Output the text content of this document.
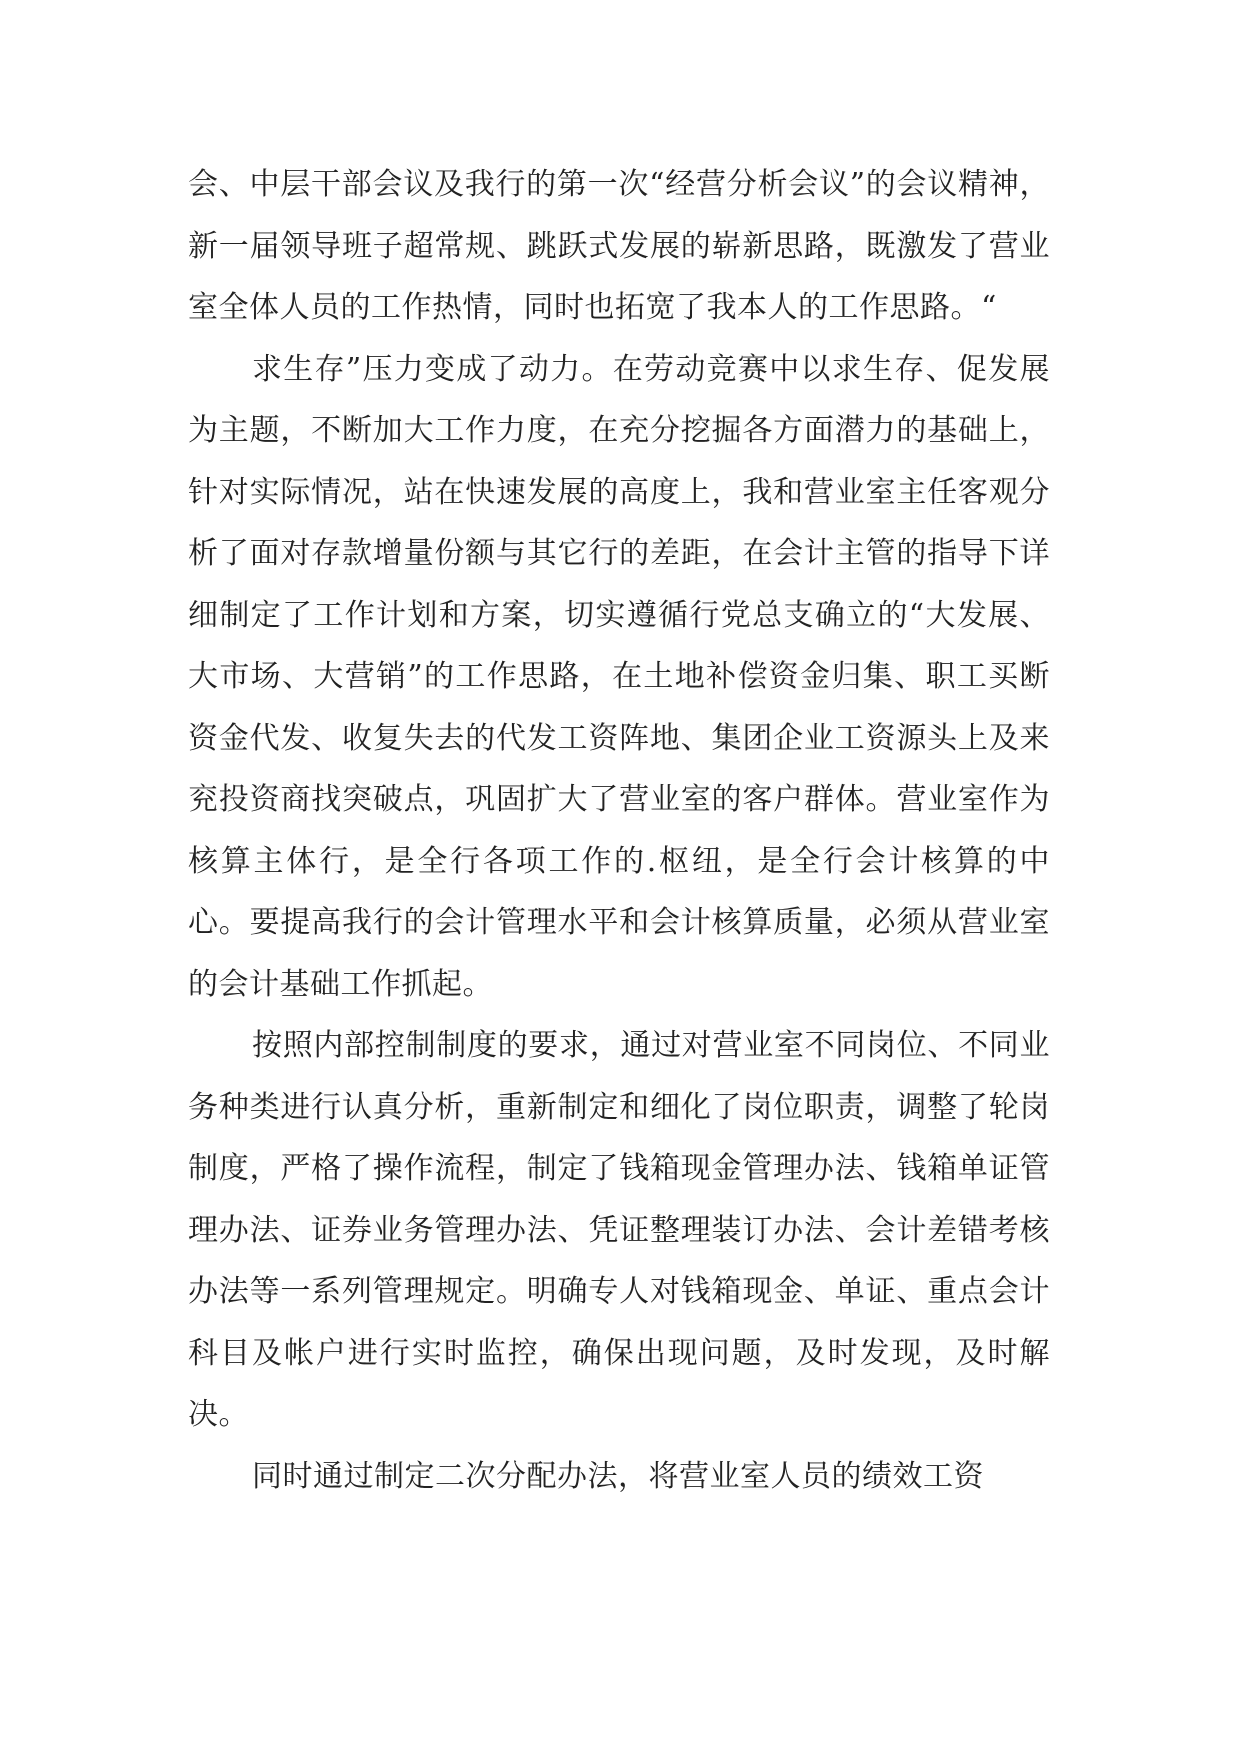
会、中层干部会议及我行的第一次“经营分析会议”的会议精神，新一届领导班子超常规、跳跃式发展的崭新思路，既激发了营业室全体人员的工作热情，同时也拓宽了我本人的工作思路。“

求生存”压力变成了动力。在劳动竞赛中以求生存、促发展为主题，不断加大工作力度，在充分挖掘各方面潜力的基础上，针对实际情况，站在快速发展的高度上，我和营业室主任客观分析了面对存款增量份额与其它行的差距，在会计主管的指导下详细制定了工作计划和方案，切实遵循行党总支确立的“大发展、大市场、大营销”的工作思路，在土地补偿资金归集、职工买断资金代发、收复失去的代发工资阵地、集团企业工资源头上及来兖投资商找突破点，巩固扩大了营业室的客户群体。营业室作为核算主体行，是全行各项工作的.枢纽，是全行会计核算的中心。要提高我行的会计管理水平和会计核算质量，必须从营业室的会计基础工作抓起。

按照内部控制制度的要求，通过对营业室不同岗位、不同业务种类进行认真分析，重新制定和细化了岗位职责，调整了轮岗制度，严格了操作流程，制定了钱箱现金管理办法、钱箱单证管理办法、证券业务管理办法、凭证整理装订办法、会计差错考核办法等一系列管理规定。明确专人对钱箱现金、单证、重点会计科目及帐户进行实时监控，确保出现问题，及时发现，及时解决。

同时通过制定二次分配办法，将营业室人员的绩效工资
